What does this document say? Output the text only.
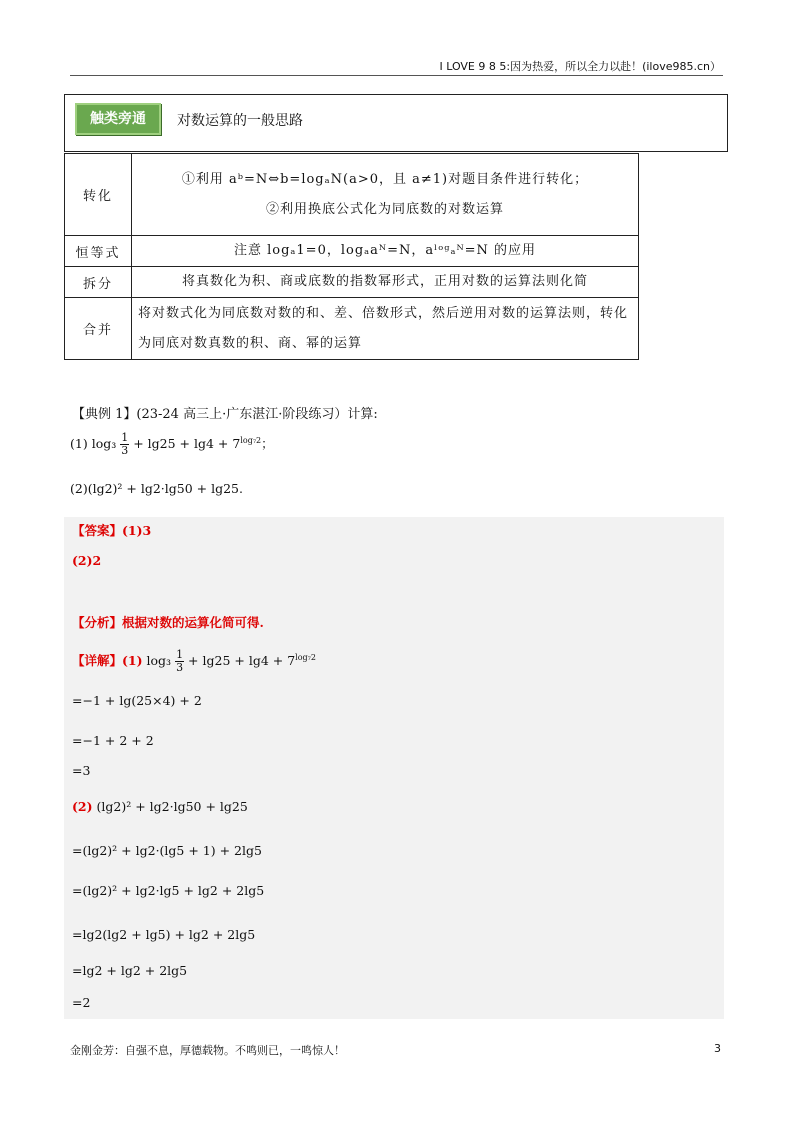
I LOVE 9 8 5:因为热爱，所以全力以赴！(ilove985.cn）
触类旁通	对数运算的一般思路
转化	①利用 aᵇ=N⇔b=logₐN(a>0，且 a≠1)对题目条件进行转化；
②利用换底公式化为同底数的对数运算

恒等式	注意 logₐ1=0，logₐaᴺ=N，aˡᵒᵍₐᴺ=N 的应用
拆分	将真数化为积、商或底数的指数幂形式，正用对数的运算法则化简
合并	将对数式化为同底数对数的和、差、倍数形式，然后逆用对数的运算法则，转化为同底对数真数的积、商、幂的运算
【典例 1】(23-24 高三上·广东湛江·阶段练习）计算:
(1) $\log_3 \frac{1}{3} + \lg 25 + \lg 4 + 7^{log_72}$；
(2)(lg2)² + lg2·lg50 + lg25.
【答案】(1)3
(2)2
【分析】根据对数的运算化简可得.
【详解】(1) $\log_3 \frac{1}{3} + \lg 25 + \lg 4 + 7^{log_72}$
=−1 + lg(25×4) + 2
=−1 + 2 + 2
=3
(2) (lg2)² + lg2·lg50 + lg25
=(lg2)² + lg2·(lg5 + 1) + 2lg5
=(lg2)² + lg2·lg5 + lg2 + 2lg5
=lg2(lg2 + lg5) + lg2 + 2lg5
=lg2 + lg2 + 2lg5
=2
金刚金芳：自强不息，厚德载物。不鸣则已，一鸣惊人！	3
